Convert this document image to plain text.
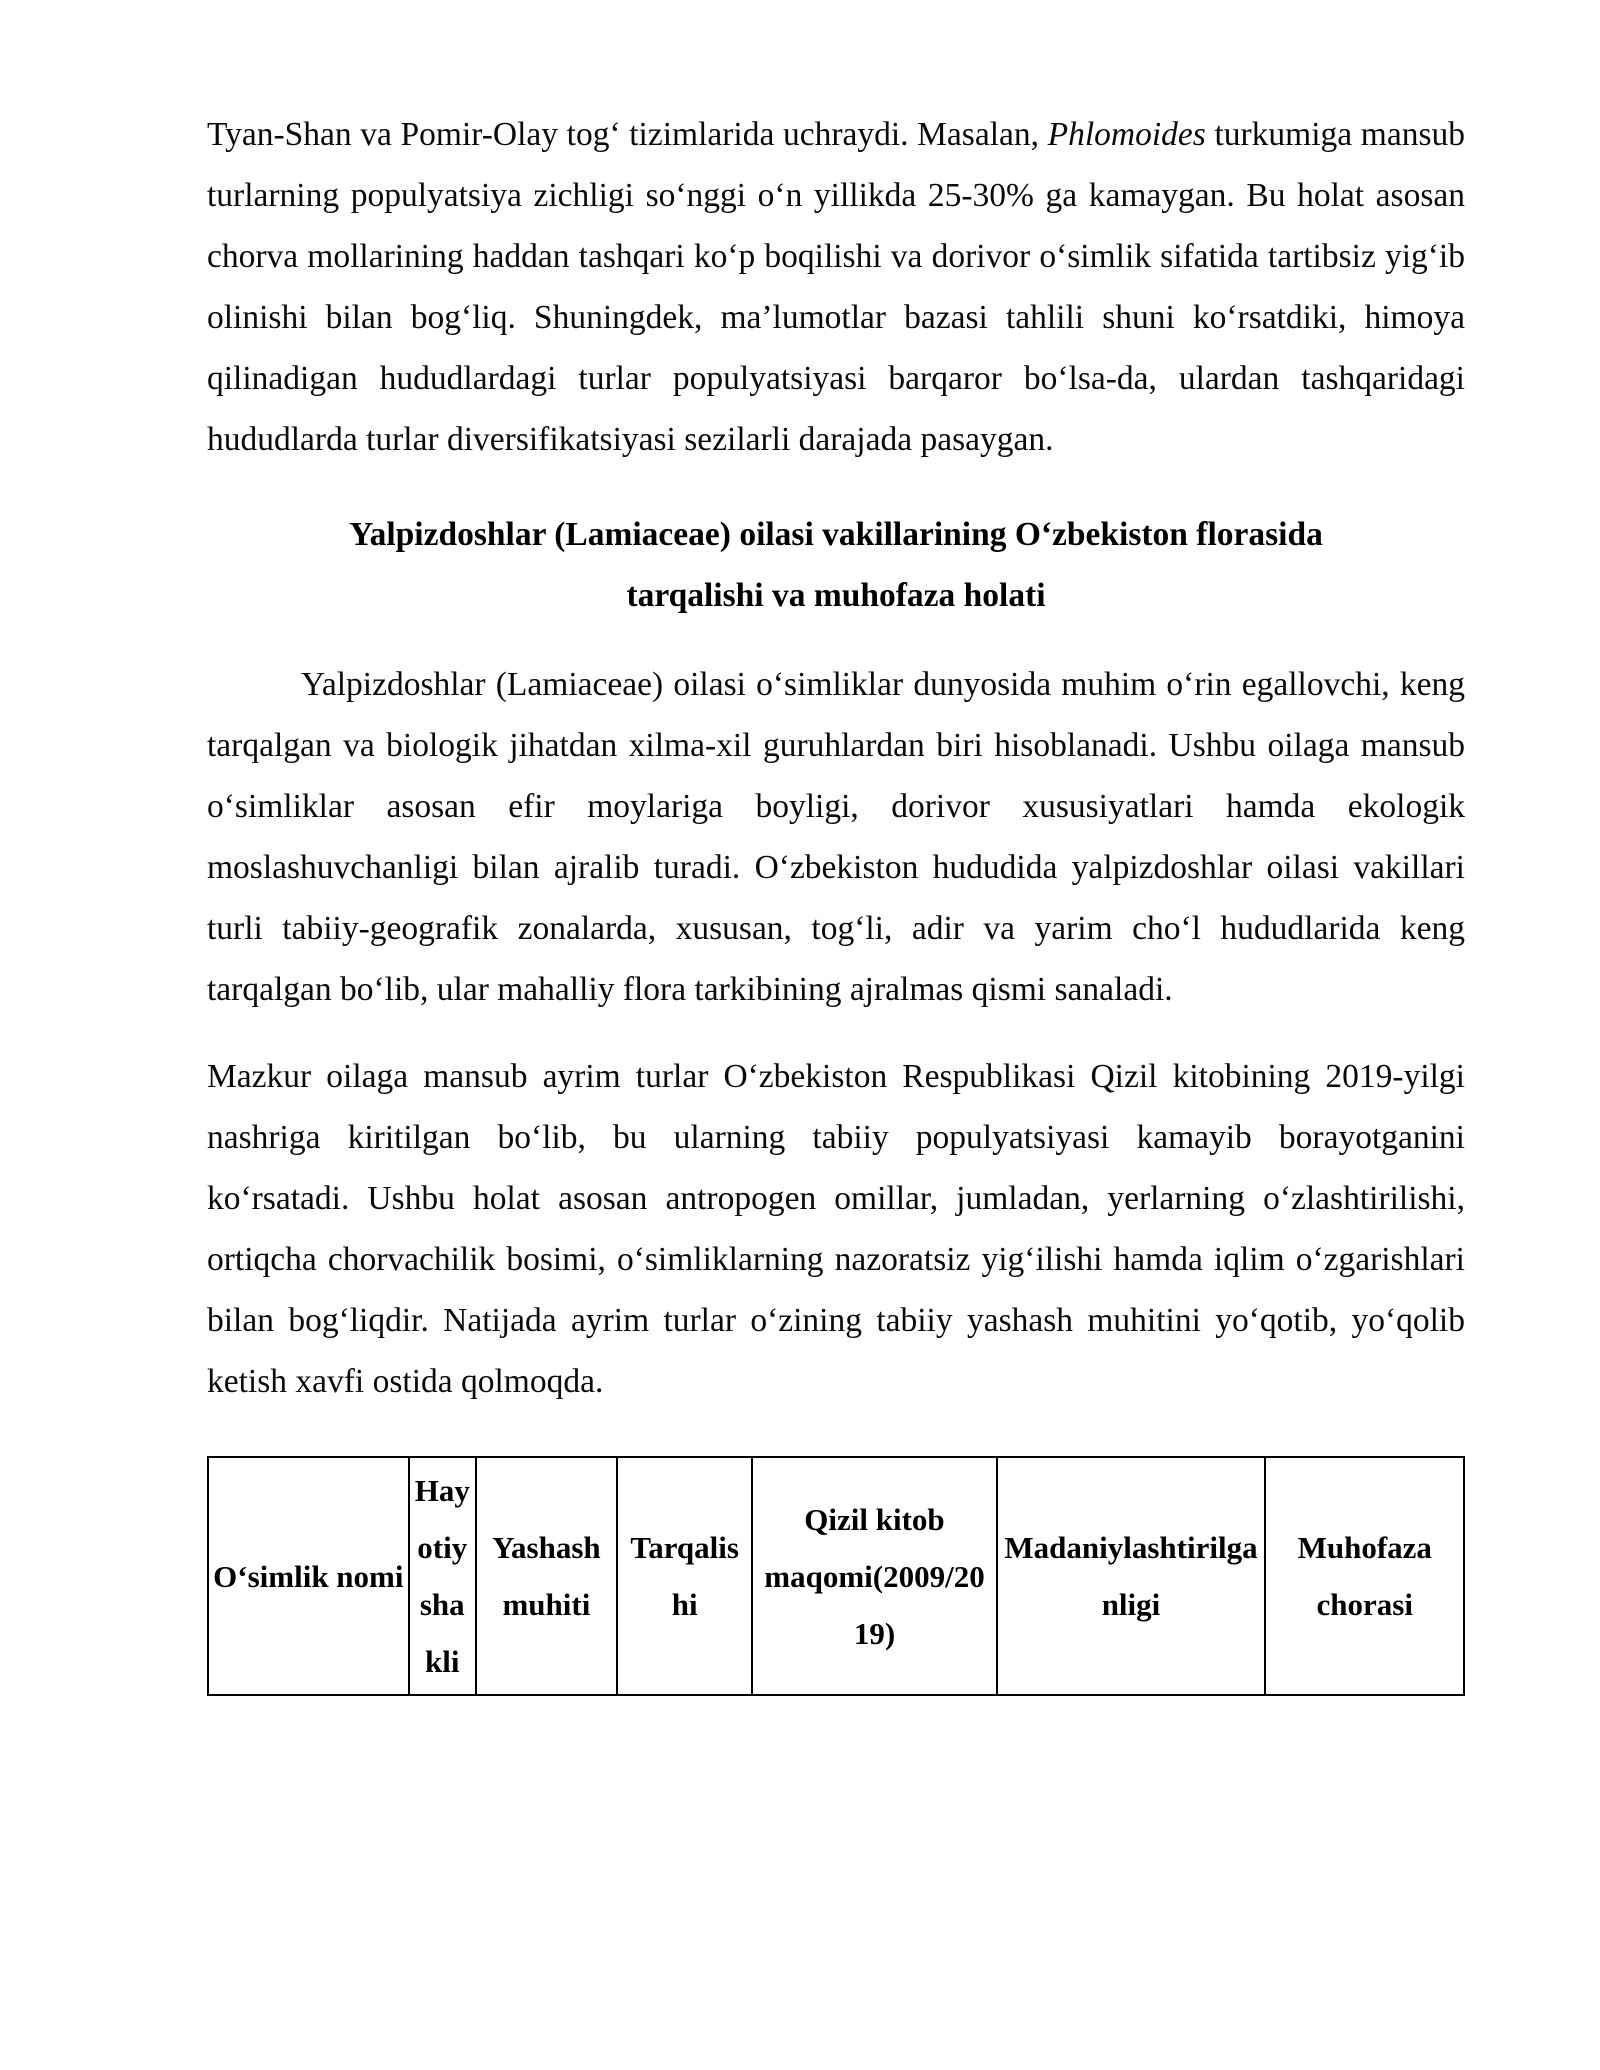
Tyan-Shan va Pomir-Olay togʻ tizimlarida uchraydi. Masalan, Phlomoides turkumiga mansub turlarning populyatsiya zichligi soʻnggi oʻn yillikda 25-30% ga kamaygan. Bu holat asosan chorva mollarining haddan tashqari koʻp boqilishi va dorivor oʻsimlik sifatida tartibsiz yigʻib olinishi bilan bogʻliq. Shuningdek, ma’lumotlar bazasi tahlili shuni koʻrsatdiki, himoya qilinadigan hududlardagi turlar populyatsiyasi barqaror boʻlsa-da, ulardan tashqaridagi hududlarda turlar diversifikatsiyasi sezilarli darajada pasaygan.

Yalpizdoshlar (Lamiaceae) oilasi vakillarining Oʻzbekiston florasida
tarqalishi va muhofaza holati

Yalpizdoshlar (Lamiaceae) oilasi oʻsimliklar dunyosida muhim oʻrin egallovchi, keng tarqalgan va biologik jihatdan xilma-xil guruhlardan biri hisoblanadi. Ushbu oilaga mansub oʻsimliklar asosan efir moylariga boyligi, dorivor xususiyatlari hamda ekologik moslashuvchanligi bilan ajralib turadi. Oʻzbekiston hududida yalpizdoshlar oilasi vakillari turli tabiiy-geografik zonalarda, xususan, togʻli, adir va yarim choʻl hududlarida keng tarqalgan boʻlib, ular mahalliy flora tarkibining ajralmas qismi sanaladi.

Mazkur oilaga mansub ayrim turlar Oʻzbekiston Respublikasi Qizil kitobining 2019-yilgi nashriga kiritilgan boʻlib, bu ularning tabiiy populyatsiyasi kamayib borayotganini koʻrsatadi. Ushbu holat asosan antropogen omillar, jumladan, yerlarning oʻzlashtirilishi, ortiqcha chorvachilik bosimi, oʻsimliklarning nazoratsiz yigʻilishi hamda iqlim oʻzgarishlari bilan bogʻliqdir. Natijada ayrim turlar oʻzining tabiiy yashash muhitini yoʻqotib, yoʻqolib ketish xavfi ostida qolmoqda.

Oʻsimlik nomi	Hayotiy shakli	Yashash muhiti	Tarqalishi	Qizil kitob maqomi(2009/2019)	Madaniylashtirilganligi	Muhofaza chorasi
